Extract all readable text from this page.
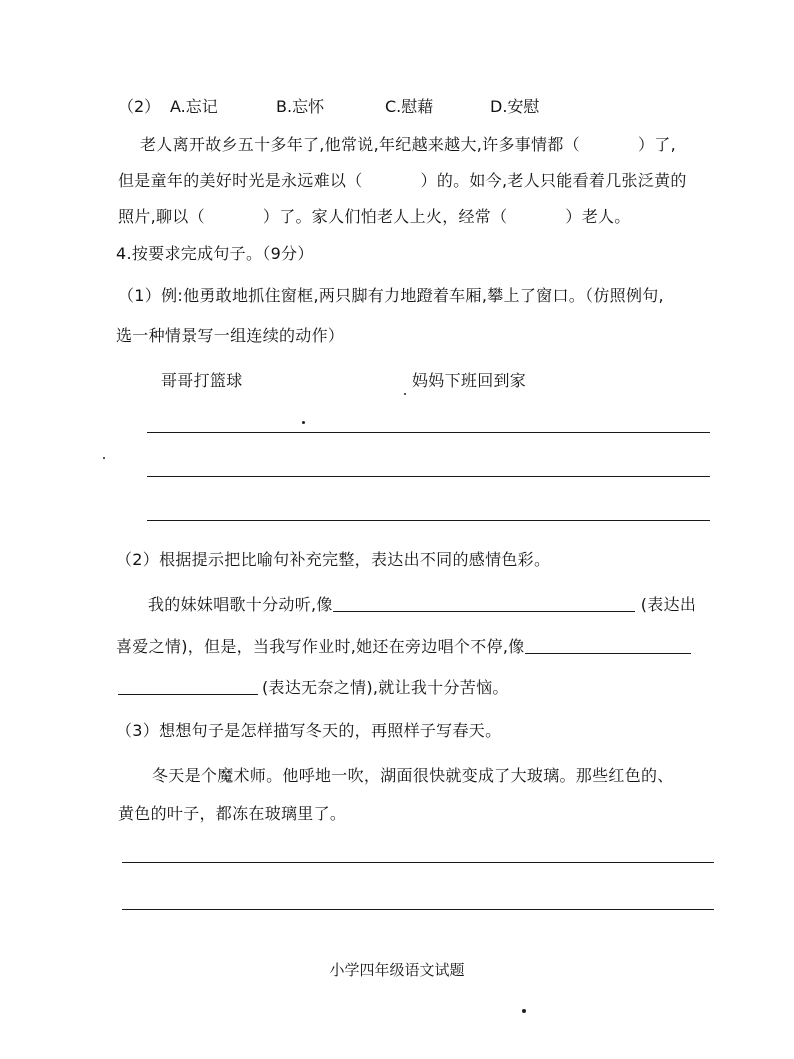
（2） A.忘记	B.忘怀	C.慰藉	D.安慰
老人离开故乡五十多年了,他常说,年纪越来越大,许多事情都（	）了,
但是童年的美好时光是永远难以（	）的。如今,老人只能看着几张泛黄的
照片,聊以（	）了。家人们怕老人上火，经常（	）老人。
4.按要求完成句子。（9分）
（1）例:他勇敢地抓住窗框,两只脚有力地蹬着车厢,攀上了窗口。（仿照例句,
选一种情景写一组连续的动作）
哥哥打篮球	妈妈下班回到家
（2）根据提示把比喻句补充完整，表达出不同的感情色彩。
我的妹妹唱歌十分动听,像	(表达出
喜爱之情)，但是，当我写作业时,她还在旁边唱个不停,像
(表达无奈之情),就让我十分苦恼。
（3）想想句子是怎样描写冬天的，再照样子写春天。
冬天是个魔术师。他呼地一吹，湖面很快就变成了大玻璃。那些红色的、
黄色的叶子，都冻在玻璃里了。
小学四年级语文试题
